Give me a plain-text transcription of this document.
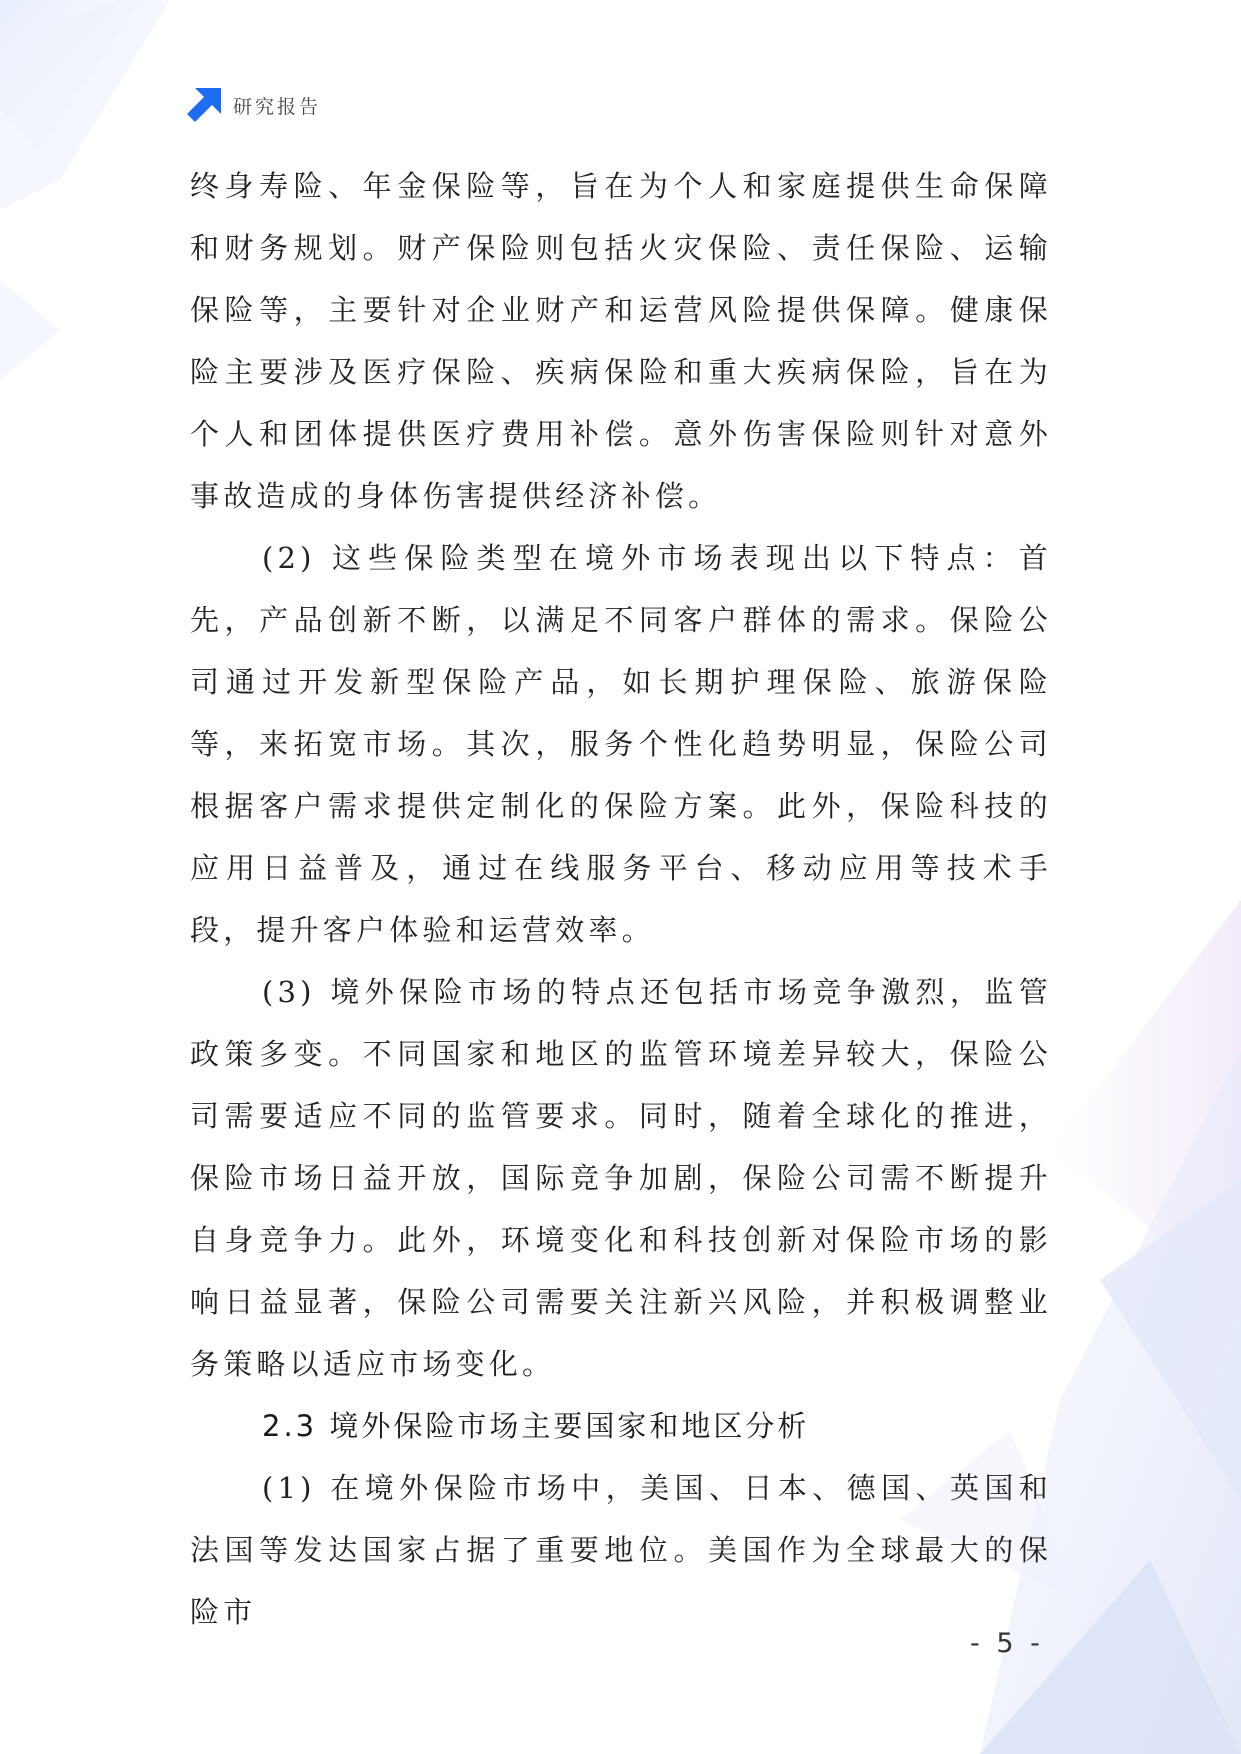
研究报告

终身寿险、年金保险等，旨在为个人和家庭提供生命保障和财务规划。财产保险则包括火灾保险、责任保险、运输保险等，主要针对企业财产和运营风险提供保障。健康保险主要涉及医疗保险、疾病保险和重大疾病保险，旨在为个人和团体提供医疗费用补偿。意外伤害保险则针对意外事故造成的身体伤害提供经济补偿。

(2) 这些保险类型在境外市场表现出以下特点：首先，产品创新不断，以满足不同客户群体的需求。保险公司通过开发新型保险产品，如长期护理保险、旅游保险等，来拓宽市场。其次，服务个性化趋势明显，保险公司根据客户需求提供定制化的保险方案。此外，保险科技的应用日益普及，通过在线服务平台、移动应用等技术手段，提升客户体验和运营效率。

(3) 境外保险市场的特点还包括市场竞争激烈，监管政策多变。不同国家和地区的监管环境差异较大，保险公司需要适应不同的监管要求。同时，随着全球化的推进，保险市场日益开放，国际竞争加剧，保险公司需不断提升自身竞争力。此外，环境变化和科技创新对保险市场的影响日益显著，保险公司需要关注新兴风险，并积极调整业务策略以适应市场变化。

2.3 境外保险市场主要国家和地区分析

(1) 在境外保险市场中，美国、日本、德国、英国和法国等发达国家占据了重要地位。美国作为全球最大的保险市

- 5 -
